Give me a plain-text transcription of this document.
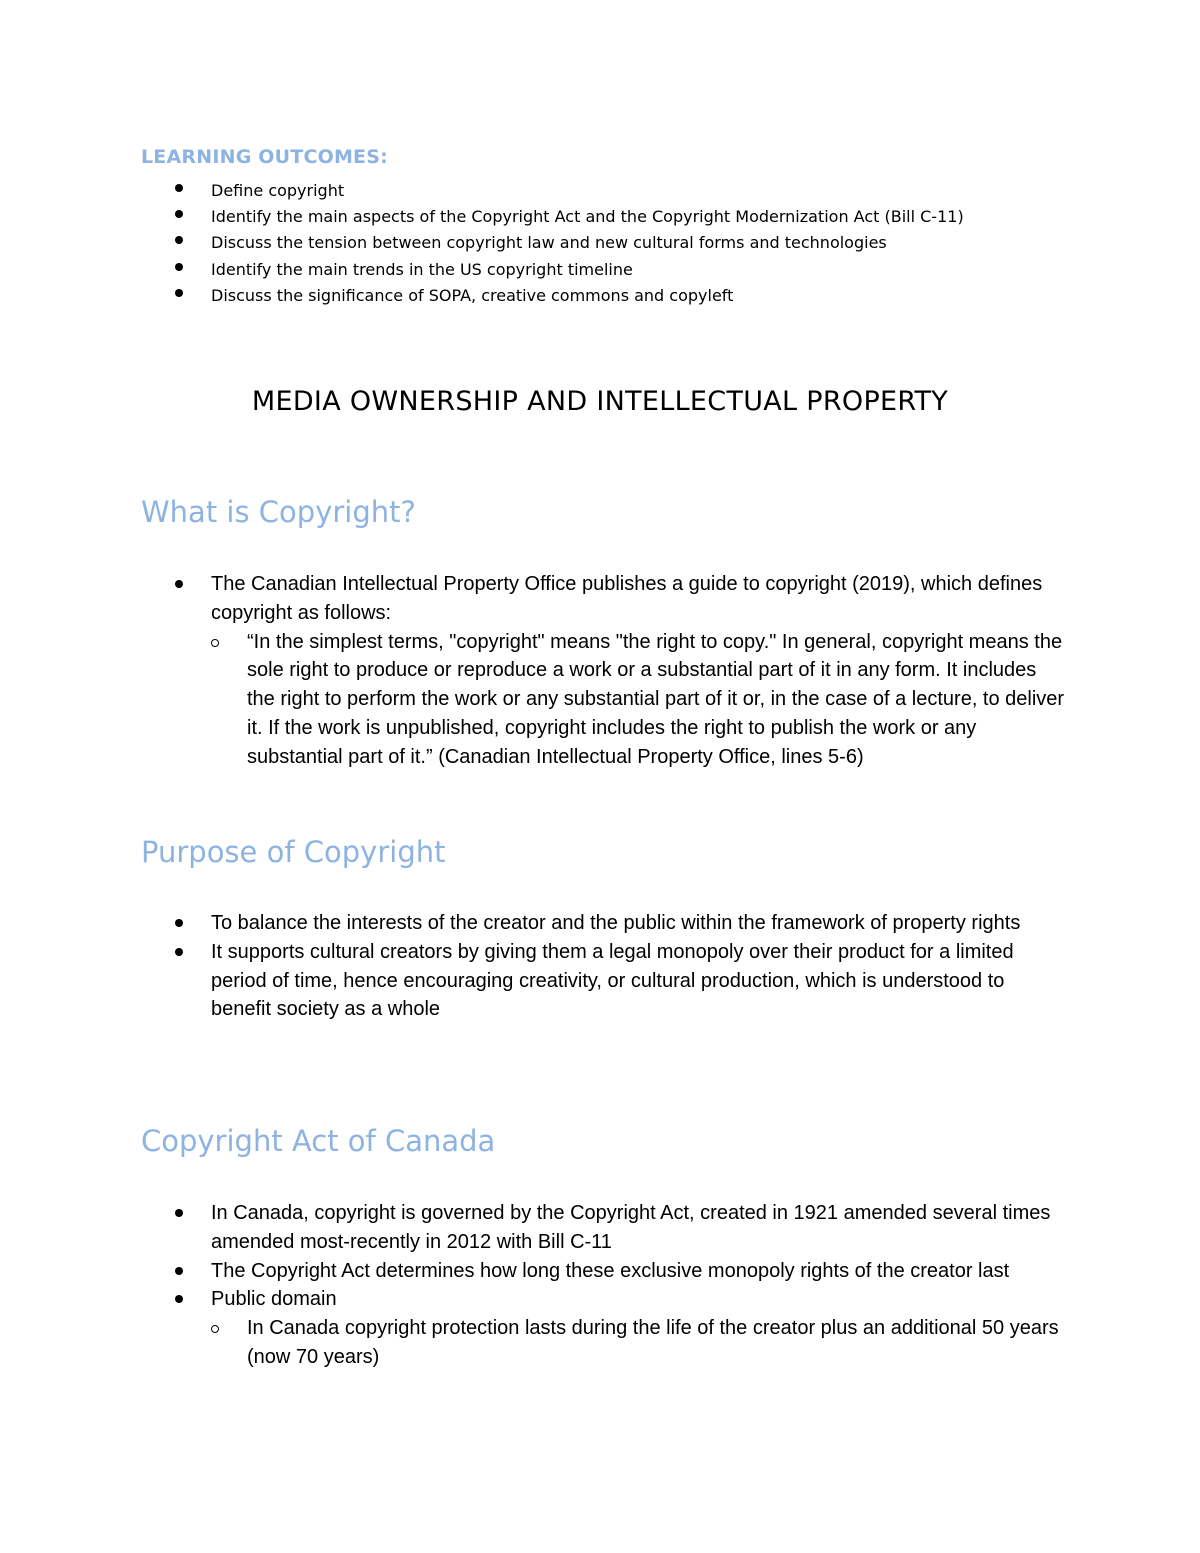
LEARNING OUTCOMES:
Define copyright
Identify the main aspects of the Copyright Act and the Copyright Modernization Act (Bill C-11)
Discuss the tension between copyright law and new cultural forms and technologies
Identify the main trends in the US copyright timeline
Discuss the significance of SOPA, creative commons and copyleft
MEDIA OWNERSHIP AND INTELLECTUAL PROPERTY
What is Copyright?
The Canadian Intellectual Property Office publishes a guide to copyright (2019), which defines copyright as follows:
“In the simplest terms, "copyright" means "the right to copy." In general, copyright means the sole right to produce or reproduce a work or a substantial part of it in any form. It includes the right to perform the work or any substantial part of it or, in the case of a lecture, to deliver it. If the work is unpublished, copyright includes the right to publish the work or any substantial part of it.” (Canadian Intellectual Property Office, lines 5-6)
Purpose of Copyright
To balance the interests of the creator and the public within the framework of property rights
It supports cultural creators by giving them a legal monopoly over their product for a limited period of time, hence encouraging creativity, or cultural production, which is understood to benefit society as a whole
Copyright Act of Canada
In Canada, copyright is governed by the Copyright Act, created in 1921 amended several times amended most-recently in 2012 with Bill C-11
The Copyright Act determines how long these exclusive monopoly rights of the creator last
Public domain
In Canada copyright protection lasts during the life of the creator plus an additional 50 years (now 70 years)
